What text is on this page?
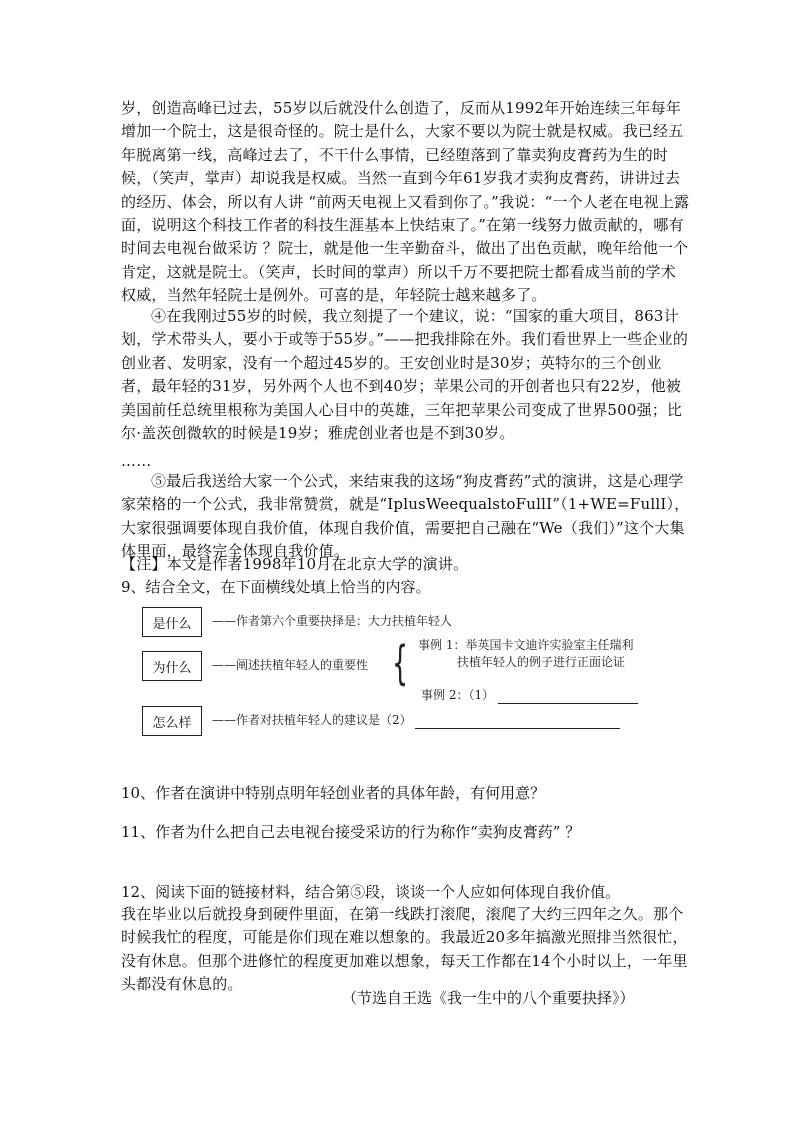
岁，创造高峰已过去，55岁以后就没什么创造了，反而从1992年开始连续三年每年增加一个院士，这是很奇怪的。院士是什么，大家不要以为院士就是权威。我已经五年脱离第一线，高峰过去了，不干什么事情，已经堕落到了靠卖狗皮膏药为生的时候，（笑声，掌声）却说我是权威。当然一直到今年61岁我才卖狗皮膏药，讲讲过去的经历、体会，所以有人讲 “前两天电视上又看到你了。”我说：“一个人老在电视上露面，说明这个科技工作者的科技生涯基本上快结束了。”在第一线努力做贡献的，哪有时间去电视台做采访 ？院士，就是他一生辛勤奋斗，做出了出色贡献，晚年给他一个肯定，这就是院士。（笑声，长时间的掌声）所以千万不要把院士都看成当前的学术权威，当然年轻院士是例外。可喜的是，年轻院士越来越多了。

④在我刚过55岁的时候，我立刻提了一个建议，说：“国家的重大项目，863计划，学术带头人，要小于或等于55岁。”——把我排除在外。我们看世界上一些企业的创业者、发明家，没有一个超过45岁的。王安创业时是30岁；英特尔的三个创业者，最年轻的31岁，另外两个人也不到40岁；苹果公司的开创者也只有22岁，他被美国前任总统里根称为美国人心目中的英雄，三年把苹果公司变成了世界500强；比尔·盖茨创微软的时候是19岁；雅虎创业者也是不到30岁。

……

⑤最后我送给大家一个公式，来结束我的这场“狗皮膏药”式的演讲，这是心理学家荣格的一个公式，我非常赞赏，就是“IplusWeequalstoFullI”（1+WE=FullI），大家很强调要体现自我价值，体现自我价值，需要把自己融在“We（我们）”这个大集体里面，最终完全体现自我价值。

【注】本文是作者1998年10月在北京大学的演讲。

9、结合全文，在下面横线处填上恰当的内容。

是什么 ——作者第六个重要抉择是：大力扶植年轻人
为什么 ——阐述扶植年轻人的重要性 { 事例 1：举英国卡文迪许实验室主任瑞利
扶植年轻人的例子进行正面论证
事例 2：（1）
怎么样 ——作者对扶植年轻人的建议是（2）

10、作者在演讲中特别点明年轻创业者的具体年龄，有何用意？

11、作者为什么把自己去电视台接受采访的行为称作“卖狗皮膏药” ？

12、阅读下面的链接材料，结合第⑤段，谈谈一个人应如何体现自我价值。

我在毕业以后就投身到硬件里面，在第一线跌打滚爬，滚爬了大约三四年之久。那个时候我忙的程度，可能是你们现在难以想象的。我最近20多年搞激光照排当然很忙，没有休息。但那个进修忙的程度更加难以想象，每天工作都在14个小时以上，一年里头都没有休息的。

（节选自王选《我一生中的八个重要抉择》）
